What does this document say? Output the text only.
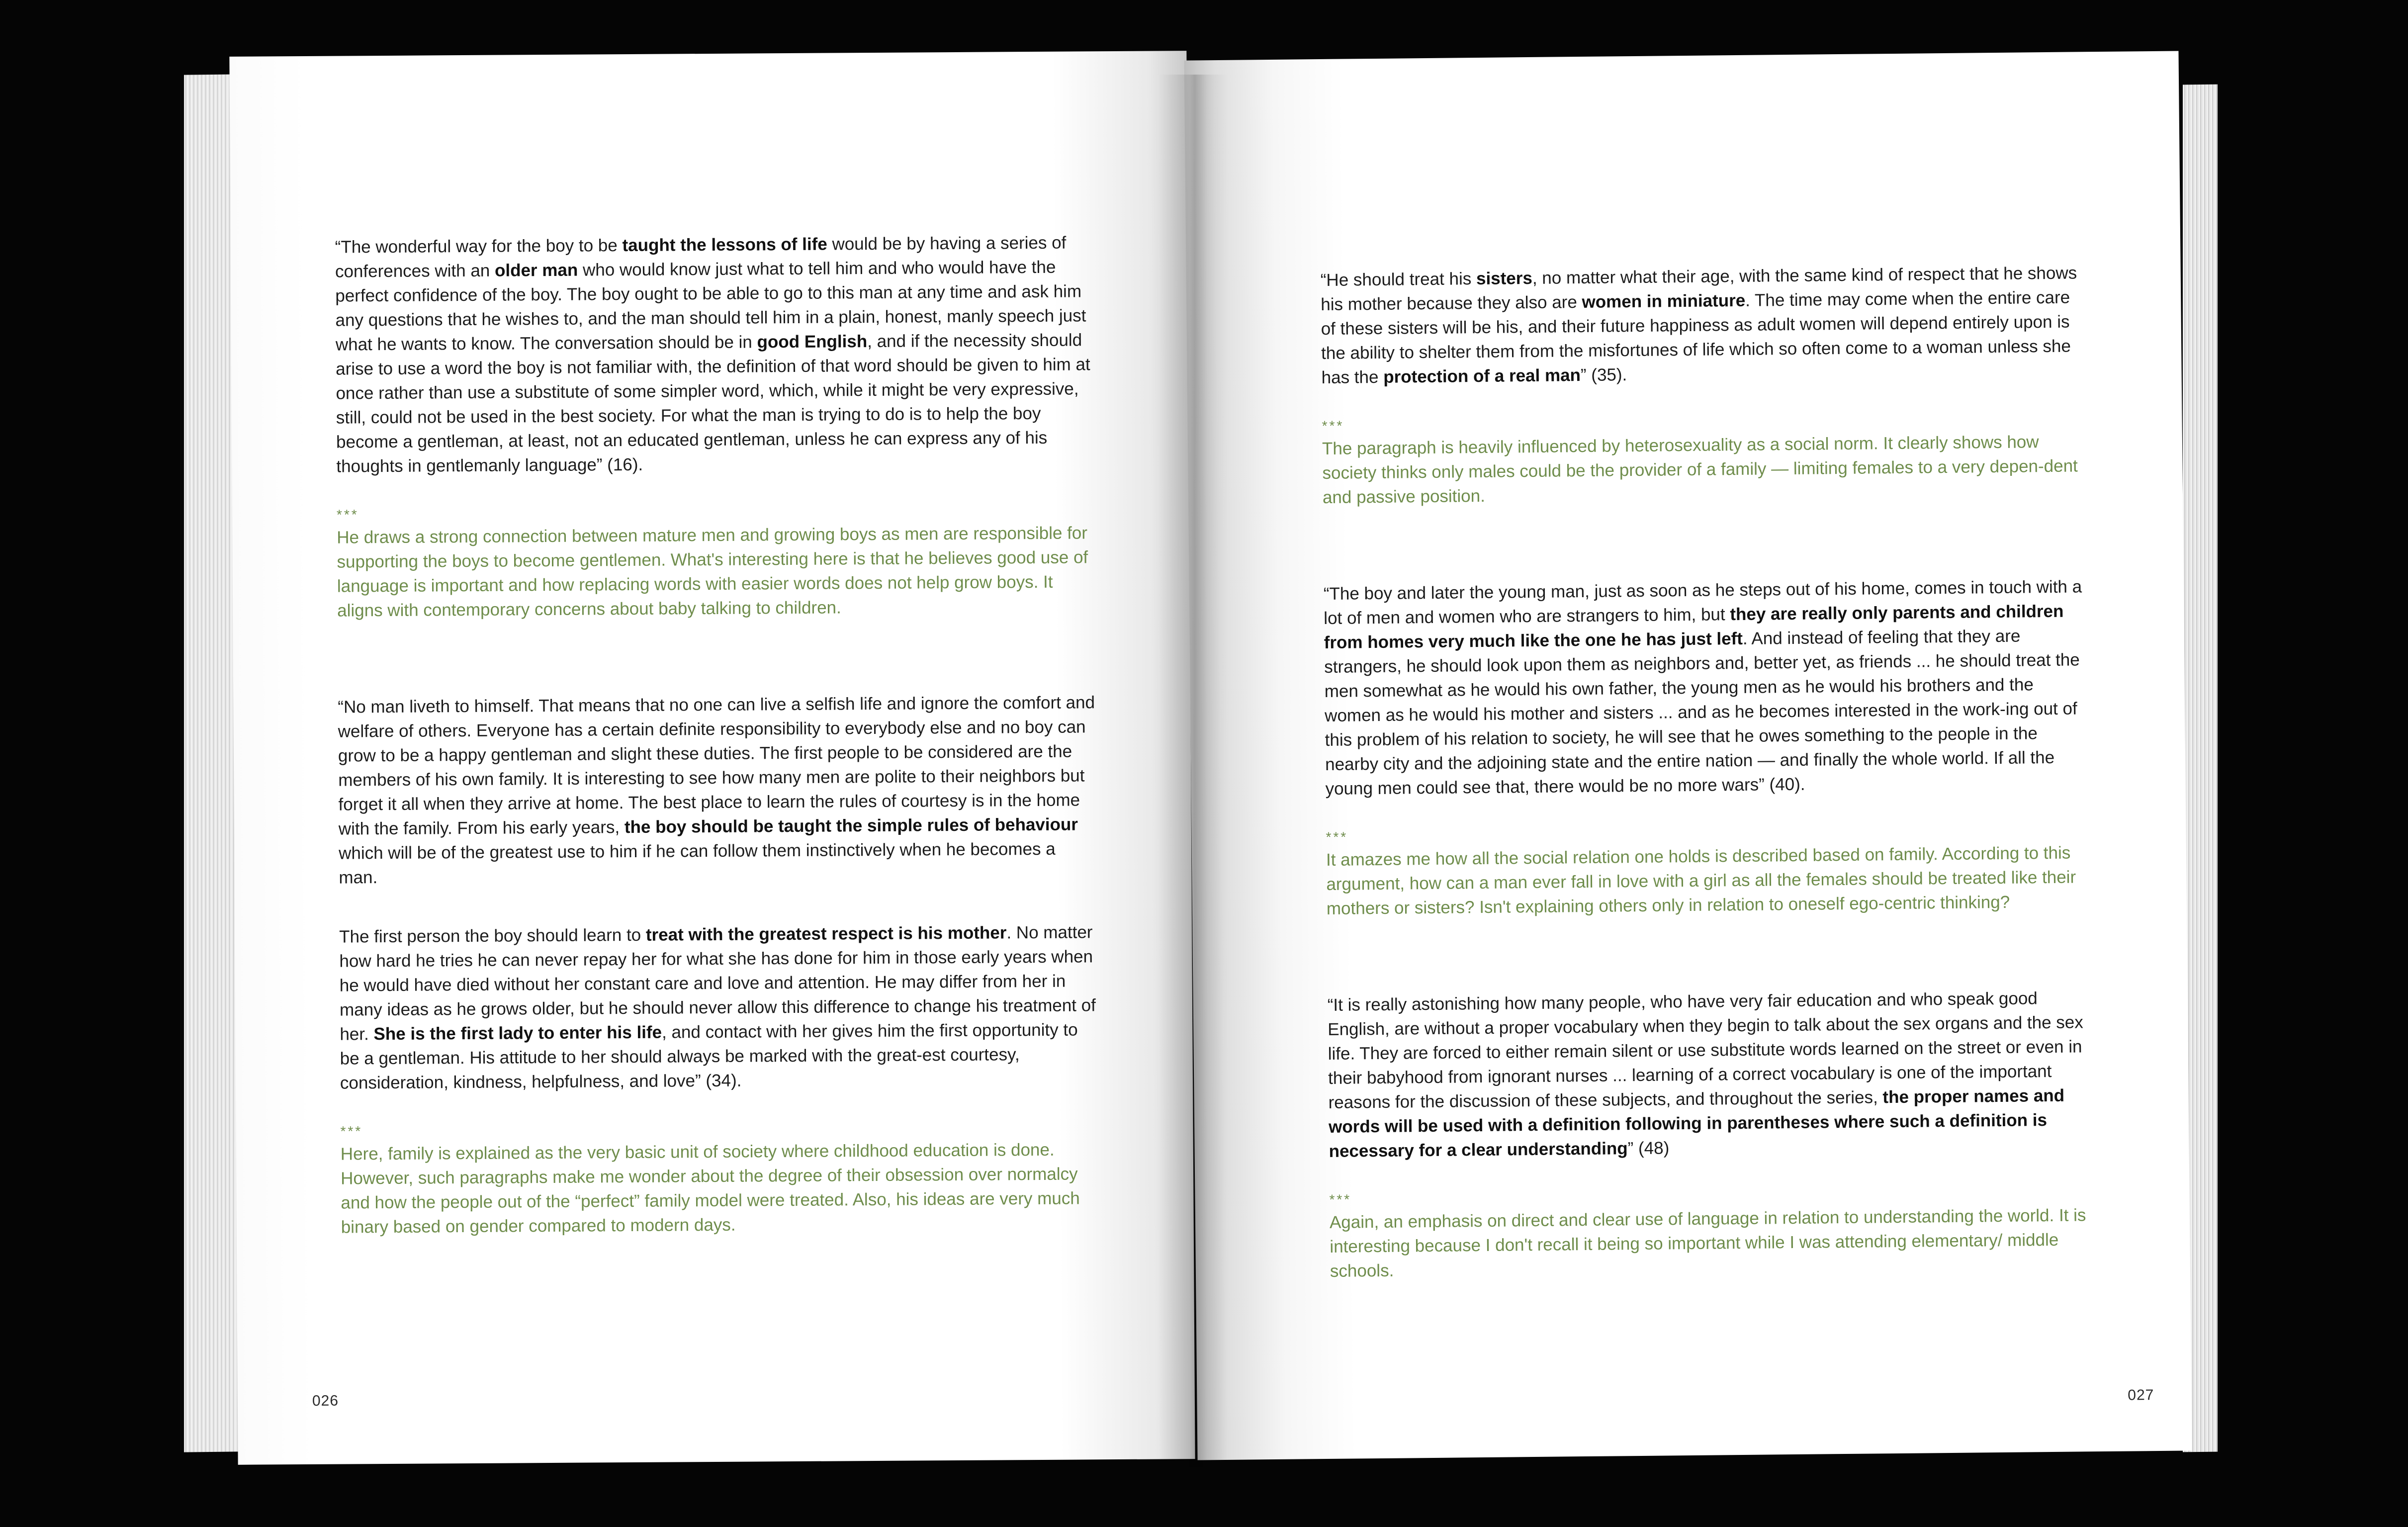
“The wonderful way for the boy to be taught the lessons of life would be by having a series of conferences with an older man who would know just what to tell him and who would have the perfect confidence of the boy. The boy ought to be able to go to this man at any time and ask him any questions that he wishes to, and the man should tell him in a plain, honest, manly speech just what he wants to know. The conversation should be in good English, and if the necessity should arise to use a word the boy is not familiar with, the definition of that word should be given to him at once rather than use a substitute of some simpler word, which, while it might be very expressive, still, could not be used in the best society. For what the man is trying to do is to help the boy become a gentleman, at least, not an educated gentleman, unless he can express any of his thoughts in gentlemanly language” (16).

***

He draws a strong connection between mature men and growing boys as men are responsible for supporting the boys to become gentlemen. What's interesting here is that he believes good use of language is important and how replacing words with easier words does not help grow boys. It aligns with contemporary concerns about baby talking to children.

“No man liveth to himself. That means that no one can live a selfish life and ignore the comfort and welfare of others. Everyone has a certain definite responsibility to everybody else and no boy can grow to be a happy gentleman and slight these duties. The first people to be considered are the members of his own family. It is interesting to see how many men are polite to their neighbors but forget it all when they arrive at home. The best place to learn the rules of courtesy is in the home with the family. From his early years, the boy should be taught the simple rules of behaviour which will be of the greatest use to him if he can follow them instinctively when he becomes a man.

The first person the boy should learn to treat with the greatest respect is his mother. No matter how hard he tries he can never repay her for what she has done for him in those early years when he would have died without her constant care and love and attention. He may differ from her in many ideas as he grows older, but he should never allow this difference to change his treatment of her. She is the first lady to enter his life, and contact with her gives him the first opportunity to be a gentleman. His attitude to her should always be marked with the great-est courtesy, consideration, kindness, helpfulness, and love” (34).

***

Here, family is explained as the very basic unit of society where childhood education is done. However, such paragraphs make me wonder about the degree of their obsession over normalcy and how the people out of the “perfect” family model were treated. Also, his ideas are very much binary based on gender compared to modern days.

026

“He should treat his sisters, no matter what their age, with the same kind of respect that he shows his mother because they also are women in miniature. The time may come when the entire care of these sisters will be his, and their future happiness as adult women will depend entirely upon is the ability to shelter them from the misfortunes of life which so often come to a woman unless she has the protection of a real man” (35).

***

The paragraph is heavily influenced by heterosexuality as a social norm. It clearly shows how society thinks only males could be the provider of a family — limiting females to a very depen-dent and passive position.

“The boy and later the young man, just as soon as he steps out of his home, comes in touch with a lot of men and women who are strangers to him, but they are really only parents and children from homes very much like the one he has just left. And instead of feeling that they are strangers, he should look upon them as neighbors and, better yet, as friends ... he should treat the men somewhat as he would his own father, the young men as he would his brothers and the women as he would his mother and sisters ... and as he becomes interested in the work-ing out of this problem of his relation to society, he will see that he owes something to the people in the nearby city and the adjoining state and the entire nation — and finally the whole world. If all the young men could see that, there would be no more wars” (40).

***

It amazes me how all the social relation one holds is described based on family. According to this argument, how can a man ever fall in love with a girl as all the females should be treated like their mothers or sisters? Isn't explaining others only in relation to oneself ego-centric thinking?

“It is really astonishing how many people, who have very fair education and who speak good English, are without a proper vocabulary when they begin to talk about the sex organs and the sex life. They are forced to either remain silent or use substitute words learned on the street or even in their babyhood from ignorant nurses ... learning of a correct vocabulary is one of the important reasons for the discussion of these subjects, and throughout the series, the proper names and words will be used with a definition following in parentheses where such a definition is necessary for a clear understanding” (48)

***

Again, an emphasis on direct and clear use of language in relation to understanding the world. It is interesting because I don't recall it being so important while I was attending elementary/ middle schools.

027
